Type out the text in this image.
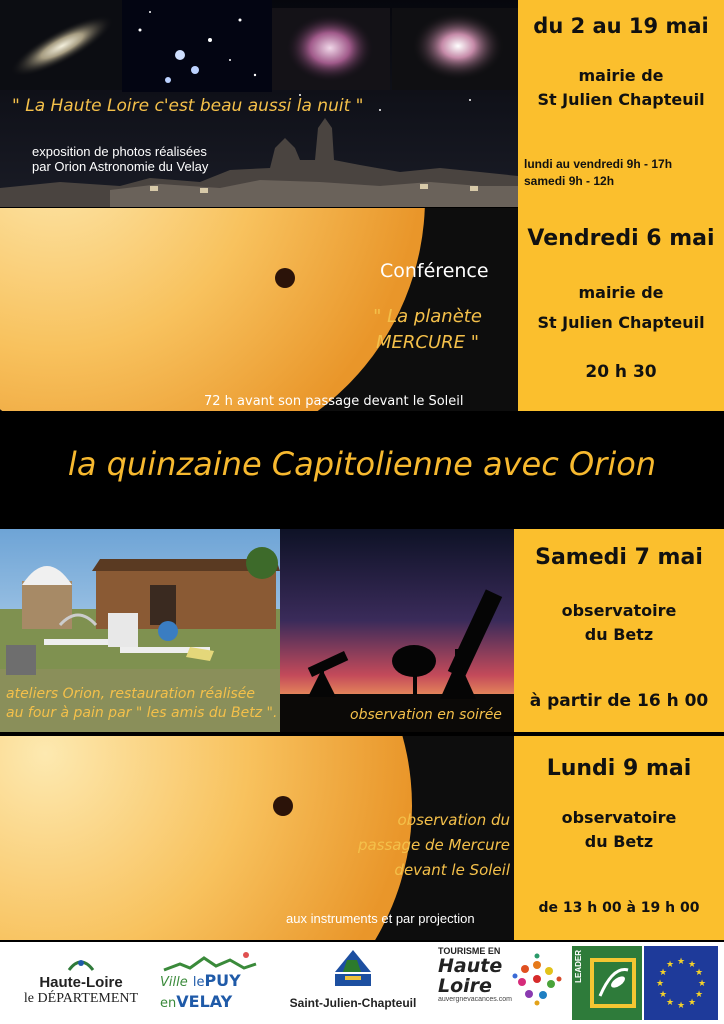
" La Haute Loire c'est beau aussi la nuit "
exposition de photos réalisées
par Orion Astronomie du Velay
du 2 au 19 mai
mairie de
St Julien Chapteuil
lundi au vendredi 9h - 17h
samedi 9h - 12h
Conférence
" La planète
MERCURE "
72 h avant son passage devant le Soleil
Vendredi 6 mai
mairie de
St Julien Chapteuil
20 h 30
la quinzaine Capitolienne avec Orion
ateliers Orion, restauration réalisée
au four à pain par " les amis du Betz ".	observation en soirée
Samedi 7 mai
observatoire
du Betz
à partir de 16 h 00
observation du
passage de Mercure
devant le Soleil
aux instruments et par projection
Lundi 9 mai
observatoire
du Betz
de 13 h 00 à 19 h 00
Haute-Loire
le DÉPARTEMENT
Ville lePUY
enVELAY	Saint-Julien-Chapteuil
TOURISME EN
Haute
Loire
auvergnevacances.com
LEADER	★ ★
★
★
★
★
★
★
★
★
★
★
